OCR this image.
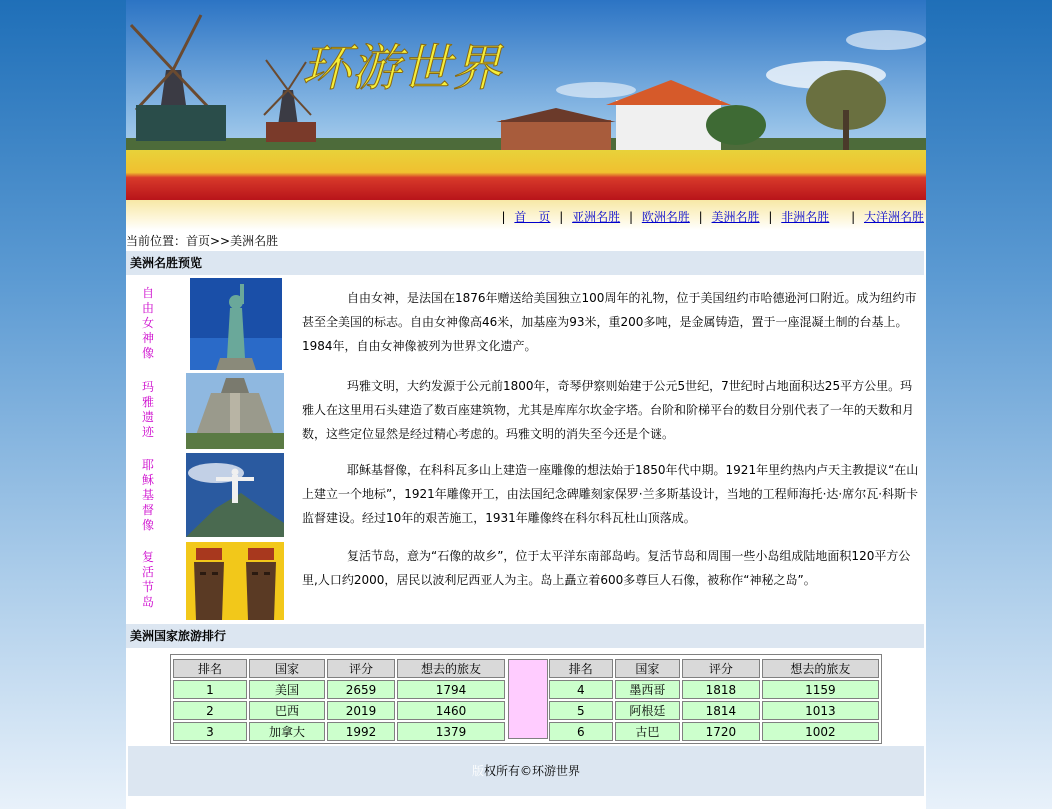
环游世界
| 首　页 | 亚洲名胜 | 欧洲名胜 | 美洲名胜 | 非洲名胜 | 大洋洲名胜
当前位置：首页>>美洲名胜
美洲名胜预览
自由女神像
自由女神，是法国在1876年赠送给美国独立100周年的礼物，位于美国纽约市哈德逊河口附近。成为纽约市甚至全美国的标志。自由女神像高46米，加基座为93米，重200多吨，是金属铸造，置于一座混凝土制的台基上。1984年，自由女神像被列为世界文化遗产。
玛雅遗迹
玛雅文明，大约发源于公元前1800年，奇琴伊察则始建于公元5世纪，7世纪时占地面积达25平方公里。玛雅人在这里用石头建造了数百座建筑物，尤其是库库尔坎金字塔。台阶和阶梯平台的数目分别代表了一年的天数和月数，这些定位显然是经过精心考虑的。玛雅文明的消失至今还是个谜。
耶稣基督像
耶稣基督像，在科科瓦多山上建造一座雕像的想法始于1850年代中期。1921年里约热内卢天主教提议“在山上建立一个地标”，1921年雕像开工，由法国纪念碑雕刻家保罗·兰多斯基设计，当地的工程师海托·达·席尔瓦·科斯卡监督建设。经过10年的艰苦施工，1931年雕像终在科尔科瓦杜山顶落成。
复活节岛
复活节岛，意为“石像的故乡”，位于太平洋东南部岛屿。复活节岛和周围一些小岛组成陆地面积120平方公里,人口约2000，居民以波利尼西亚人为主。岛上矗立着600多尊巨人石像，被称作“神秘之岛”。
美洲国家旅游排行
排名	国家	评分	想去的旅友
1	美国	2659	1794
2	巴西	2019	1460
3	加拿大	1992	1379
排名	国家	评分	想去的旅友
4	墨西哥	1818	1159
5	阿根廷	1814	1013
6	古巴	1720	1002
版权所有©环游世界
